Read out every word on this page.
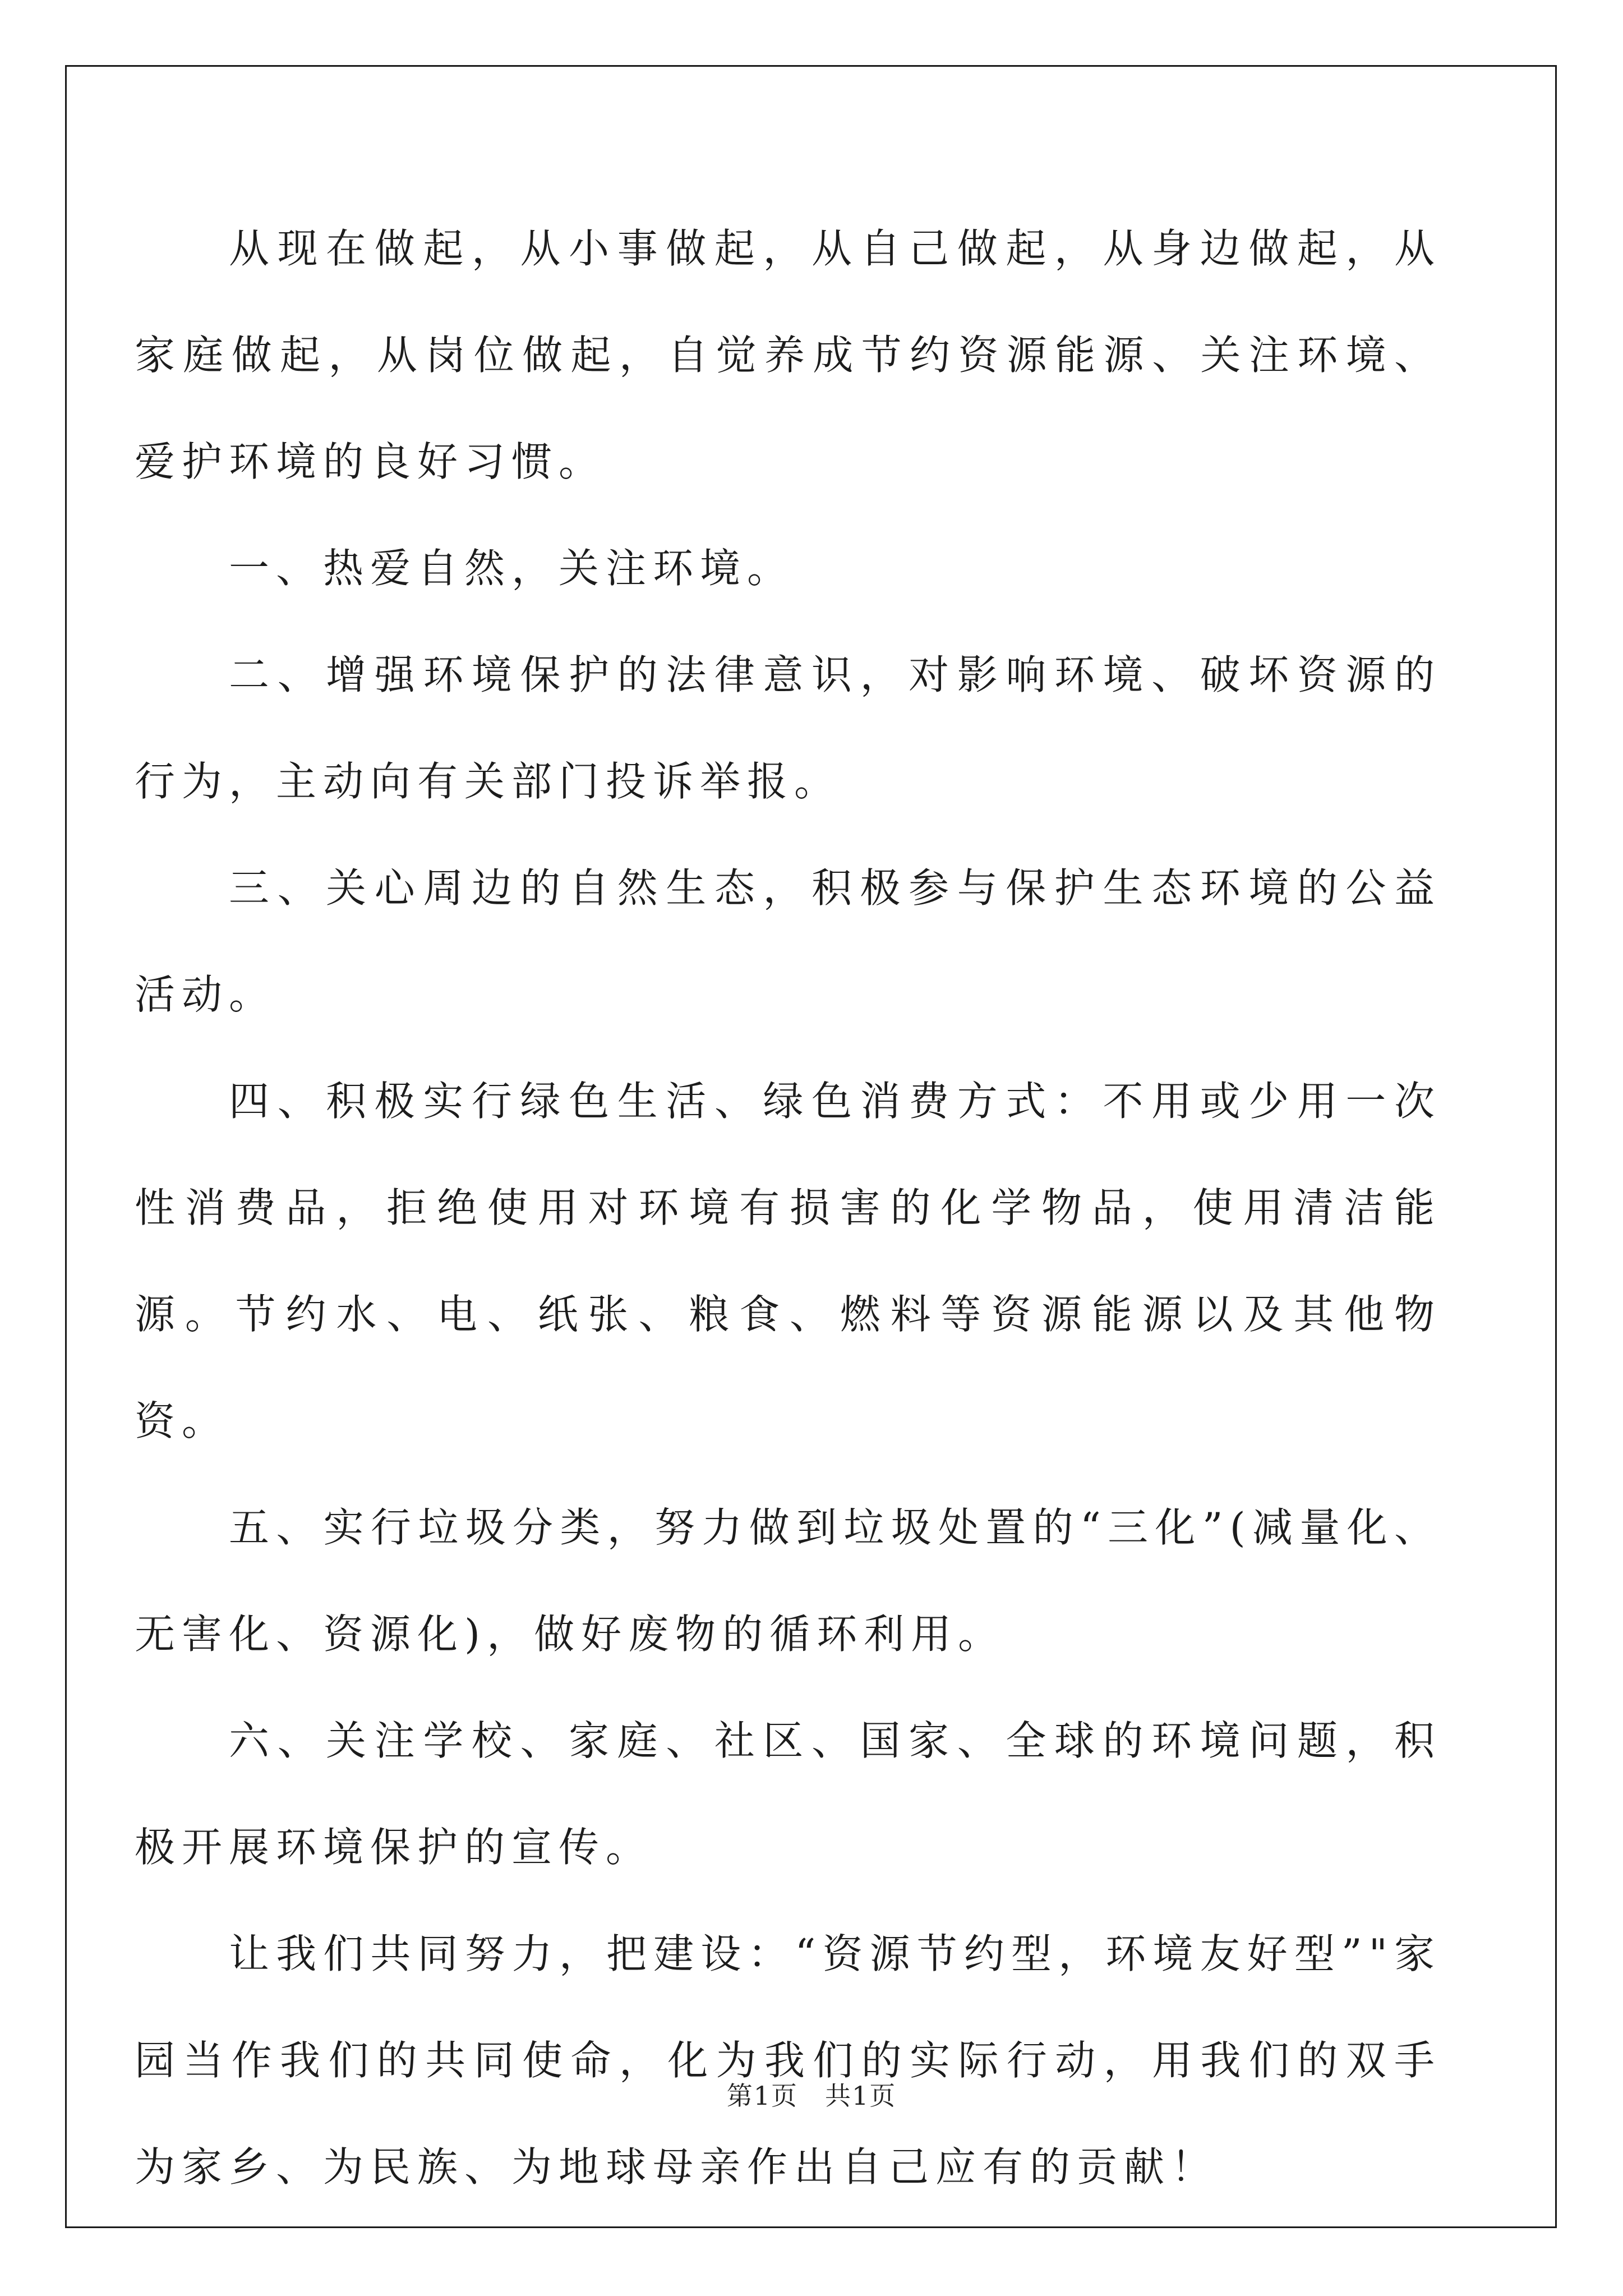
从现在做起，从小事做起，从自己做起，从身边做起，从家庭做起，从岗位做起，自觉养成节约资源能源、关注环境、爱护环境的良好习惯。

一、热爱自然，关注环境。

二、增强环境保护的法律意识，对影响环境、破坏资源的行为，主动向有关部门投诉举报。

三、关心周边的自然生态，积极参与保护生态环境的公益活动。

四、积极实行绿色生活、绿色消费方式：不用或少用一次性消费品，拒绝使用对环境有损害的化学物品，使用清洁能源。节约水、电、纸张、粮食、燃料等资源能源以及其他物资。

五、实行垃圾分类，努力做到垃圾处置的“三化”(减量化、无害化、资源化)，做好废物的循环利用。

六、关注学校、家庭、社区、国家、全球的环境问题，积极开展环境保护的宣传。

让我们共同努力，把建设：“资源节约型，环境友好型”"家园当作我们的共同使命，化为我们的实际行动，用我们的双手为家乡、为民族、为地球母亲作出自己应有的贡献！

第1页　共1页
